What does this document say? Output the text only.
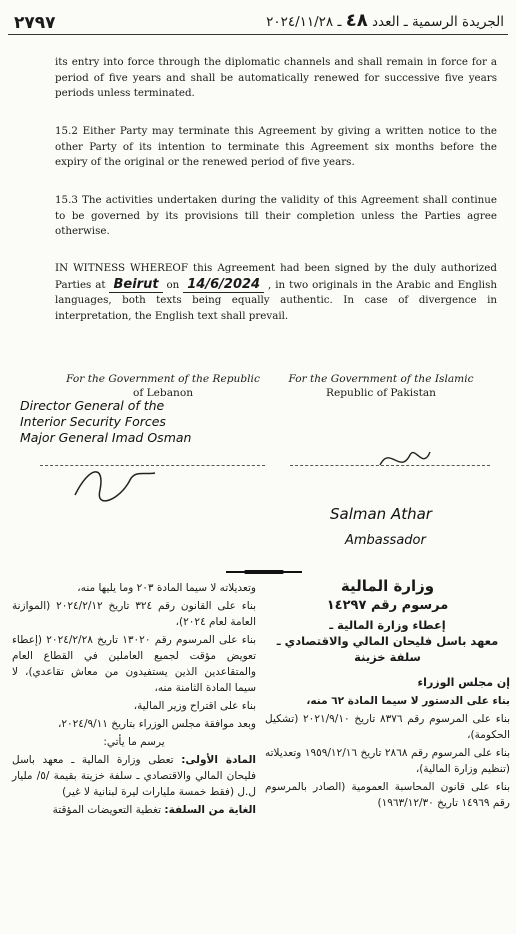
٢٧٩٧	الجريدة الرسمية ـ العدد ٤٨ ـ ٢٠٢٤/١١/٢٨
its entry into force through the diplomatic channels and shall remain in force for a period of five years and shall be automatically renewed for successive five years periods unless terminated.
15.2 Either Party may terminate this Agreement by giving a written notice to the other Party of its intention to terminate this Agreement six months before the expiry of the original or the renewed period of five years.
15.3 The activities undertaken during the validity of this Agreement shall continue to be governed by its provisions till their completion unless the Parties agree otherwise.
IN WITNESS WHEREOF this Agreement had been signed by the duly authorized Parties at Beirut on 14/6/2024 , in two originals in the Arabic and English languages, both texts being equally authentic. In case of divergence in interpretation, the English text shall prevail.
For the Government of the Republic
of Lebanon
For the Government of the Islamic
Republic of Pakistan
Director General of the
Interior Security Forces
Major General Imad Osman
Salman Athar
Ambassador
وزارة المالية
مرسوم رقم ١٤٢٩٧
إعطاء وزارة المالية ـ
معهد باسل فليحان المالي والاقتصادي ـ
سلفة خزينة

إن مجلس الوزراء

بناء على الدستور لا سيما المادة ٦٢ منه،

بناء على المرسوم رقم ٨٣٧٦ تاريخ ٢٠٢١/٩/١٠ (تشكيل الحكومة)،

بناء على المرسوم رقم ٢٨٦٨ تاريخ ١٩٥٩/١٢/١٦ وتعديلاته (تنظيم وزارة المالية)،

بناء على قانون المحاسبة العمومية (الصادر بالمرسوم رقم ١٤٩٦٩ تاريخ ١٩٦٣/١٢/٣٠)

وتعديلاته لا سيما المادة ٢٠٣ وما يليها منه،

بناء على القانون رقم ٣٢٤ تاريخ ٢٠٢٤/٢/١٢ (الموازنة العامة لعام ٢٠٢٤)،

بناء على المرسوم رقم ١٣٠٢٠ تاريخ ٢٠٢٤/٢/٢٨ (إعطاء تعويض مؤقت لجميع العاملين في القطاع العام والمتقاعدين الذين يستفيدون من معاش تقاعدي)، لا سيما المادة الثامنة منه،

بناء على اقتراح وزير المالية،

وبعد موافقة مجلس الوزراء بتاريخ ٢٠٢٤/٩/١١،

يرسم ما يأتي:

المادة الأولى: تعطى وزارة المالية ـ معهد باسل فليحان المالي والاقتصادي ـ سلفة خزينة بقيمة /٥/ مليار ل.ل (فقط خمسة مليارات ليرة لبنانية لا غير)

الغاية من السلفة: تغطية التعويضات المؤقتة
